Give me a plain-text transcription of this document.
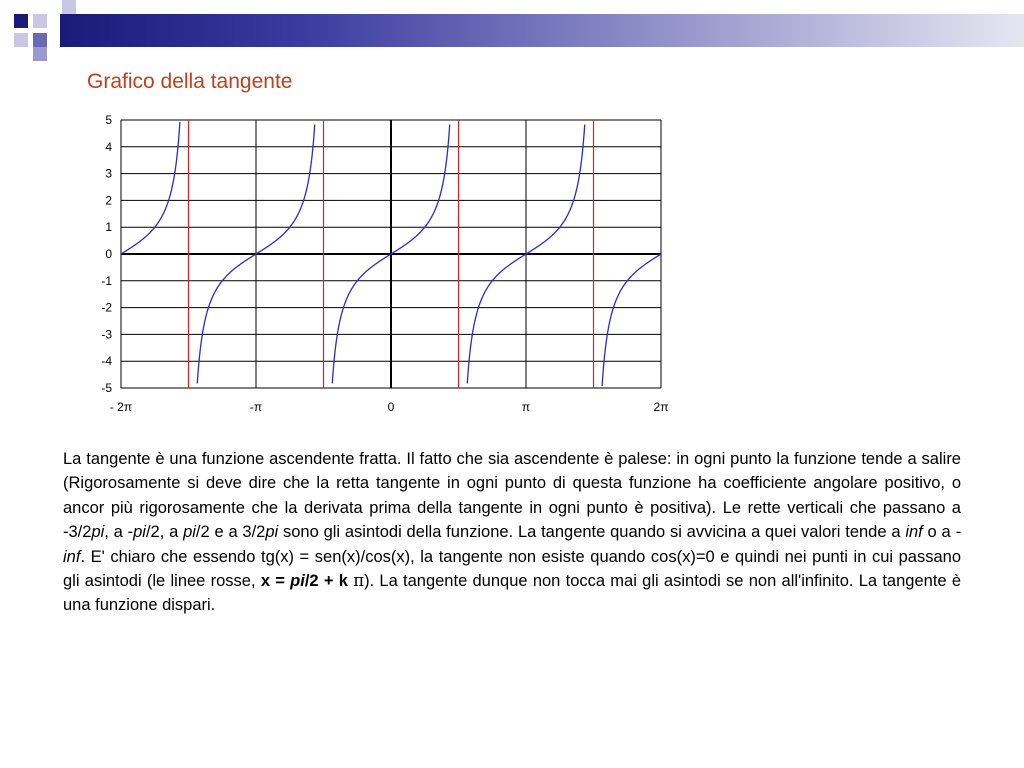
Grafico della tangente
5
4
3
2
1
0
-1
-2
-3
-4
-5
- 2π	-π	0	π	2π

La tangente è una funzione ascendente fratta. Il fatto che sia ascendente è palese: in ogni punto la funzione tende a salire (Rigorosamente si deve dire che la retta tangente in ogni punto di questa funzione ha coefficiente angolare positivo, o ancor più rigorosamente che la derivata prima della tangente in ogni punto è positiva). Le rette verticali che passano a -3/2pi, a -pi/2, a pi/2 e a 3/2pi sono gli asintodi della funzione. La tangente quando si avvicina a quei valori tende a inf o a -inf. E' chiaro che essendo tg(x) = sen(x)/cos(x), la tangente non esiste quando cos(x)=0 e quindi nei punti in cui passano gli asintodi (le linee rosse, x = pi/2 + k π). La tangente dunque non tocca mai gli asintodi se non all'infinito. La tangente è una funzione dispari.
